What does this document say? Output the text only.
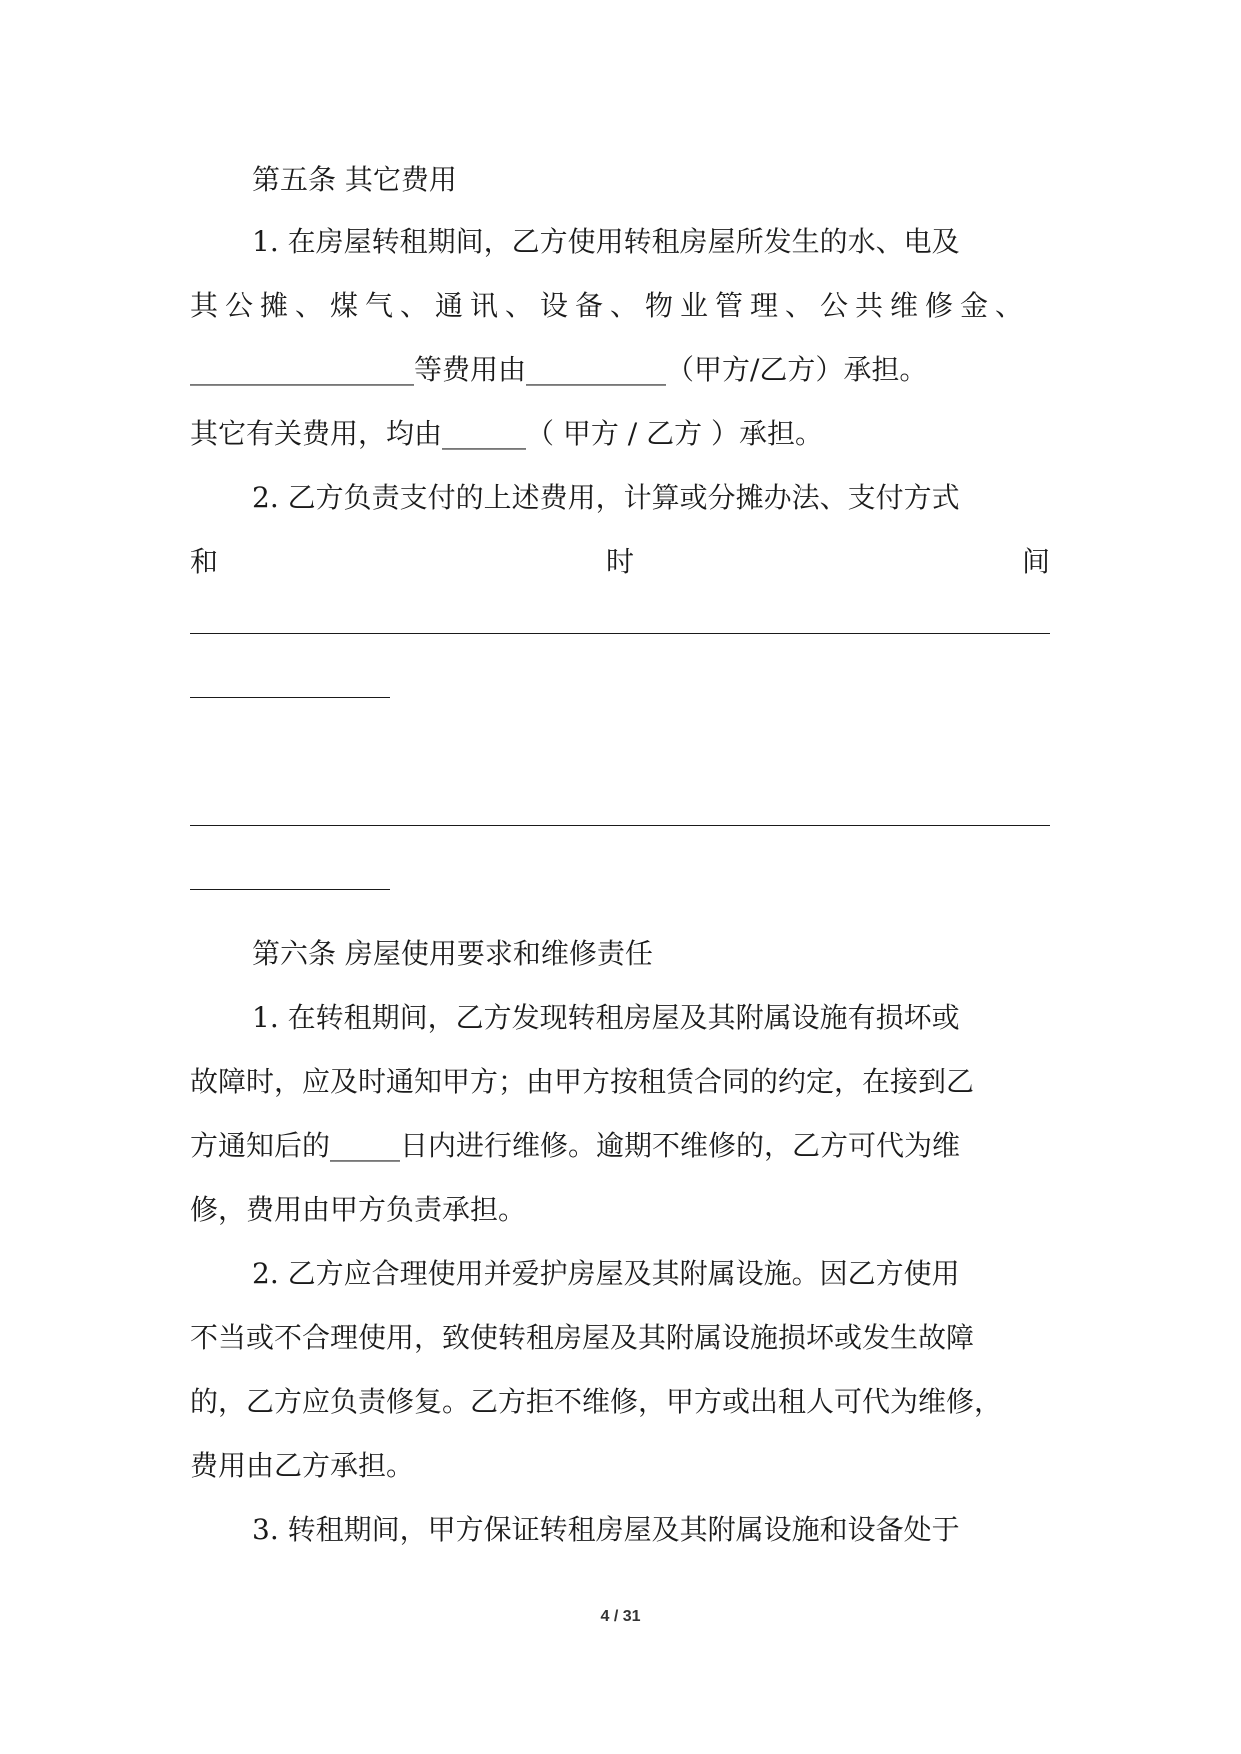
第五条 其它费用
1. 在房屋转租期间，乙方使用转租房屋所发生的水、电及
其公摊、煤气、通讯、设备、物业管理、公共维修金、
________________等费用由__________（甲方/乙方）承担。
其它有关费用，均由______（ 甲方 / 乙方 ）承担。
2. 乙方负责支付的上述费用，计算或分摊办法、支付方式
和	时	间
第六条 房屋使用要求和维修责任
1. 在转租期间，乙方发现转租房屋及其附属设施有损坏或
故障时，应及时通知甲方；由甲方按租赁合同的约定，在接到乙
方通知后的_____日内进行维修。逾期不维修的，乙方可代为维
修，费用由甲方负责承担。
2. 乙方应合理使用并爱护房屋及其附属设施。因乙方使用
不当或不合理使用，致使转租房屋及其附属设施损坏或发生故障
的，乙方应负责修复。乙方拒不维修，甲方或出租人可代为维修，
费用由乙方承担。
3. 转租期间，甲方保证转租房屋及其附属设施和设备处于
4 / 31
